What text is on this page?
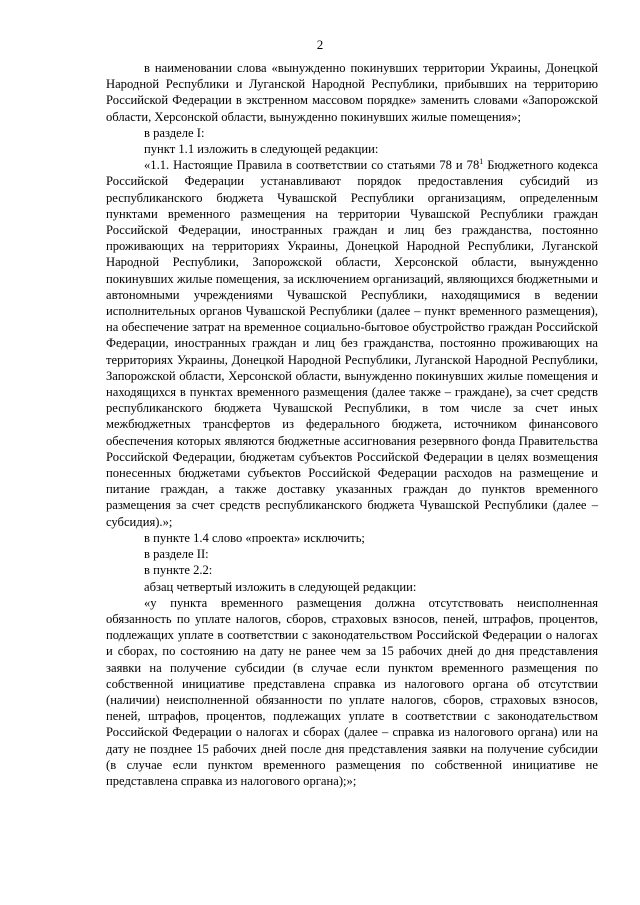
2

в наименовании слова «вынужденно покинувших территории Украины, Донецкой Народной Республики и Луганской Народной Республики, прибывших на территорию Российской Федерации в экстренном массовом порядке» заменить словами «Запорожской области, Херсонской области, вынужденно покинувших жилые помещения»;

в разделе I:

пункт 1.1 изложить в следующей редакции:

«1.1. Настоящие Правила в соответствии со статьями 78 и $78^1$ Бюджетного кодекса Российской Федерации устанавливают порядок предоставления субсидий из республиканского бюджета Чувашской Республики организациям, определенным пунктами временного размещения на территории Чувашской Республики граждан Российской Федерации, иностранных граждан и лиц без гражданства, постоянно проживающих на территориях Украины, Донецкой Народной Республики, Луганской Народной Республики, Запорожской области, Херсонской области, вынужденно покинувших жилые помещения, за исключением организаций, являющихся бюджетными и автономными учреждениями Чувашской Республики, находящимися в ведении исполнительных органов Чувашской Республики (далее – пункт временного размещения), на обеспечение затрат на временное социально-бытовое обустройство граждан Российской Федерации, иностранных граждан и лиц без гражданства, постоянно проживающих на территориях Украины, Донецкой Народной Республики, Луганской Народной Республики, Запорожской области, Херсонской области, вынужденно покинувших жилые помещения и находящихся в пунктах временного размещения (далее также – граждане), за счет средств республиканского бюджета Чувашской Республики, в том числе за счет иных межбюджетных трансфертов из федерального бюджета, источником финансового обеспечения которых являются бюджетные ассигнования резервного фонда Правительства Российской Федерации, бюджетам субъектов Российской Федерации в целях возмещения понесенных бюджетами субъектов Российской Федерации расходов на размещение и питание граждан, а также доставку указанных граждан до пунктов временного размещения за счет средств республиканского бюджета Чувашской Республики (далее – субсидия).»;

в пункте 1.4 слово «проекта» исключить;

в разделе II:

в пункте 2.2:

абзац четвертый изложить в следующей редакции:

«у пункта временного размещения должна отсутствовать неисполненная обязанность по уплате налогов, сборов, страховых взносов, пеней, штрафов, процентов, подлежащих уплате в соответствии с законодательством Российской Федерации о налогах и сборах, по состоянию на дату не ранее чем за 15 рабочих дней до дня представления заявки на получение субсидии (в случае если пунктом временного размещения по собственной инициативе представлена справка из налогового органа об отсутствии (наличии) неисполненной обязанности по уплате налогов, сборов, страховых взносов, пеней, штрафов, процентов, подлежащих уплате в соответствии с законодательством Российской Федерации о налогах и сборах (далее – справка из налогового органа) или на дату не позднее 15 рабочих дней после дня представления заявки на получение субсидии (в случае если пунктом временного размещения по собственной инициативе не представлена справка из налогового органа);»;
